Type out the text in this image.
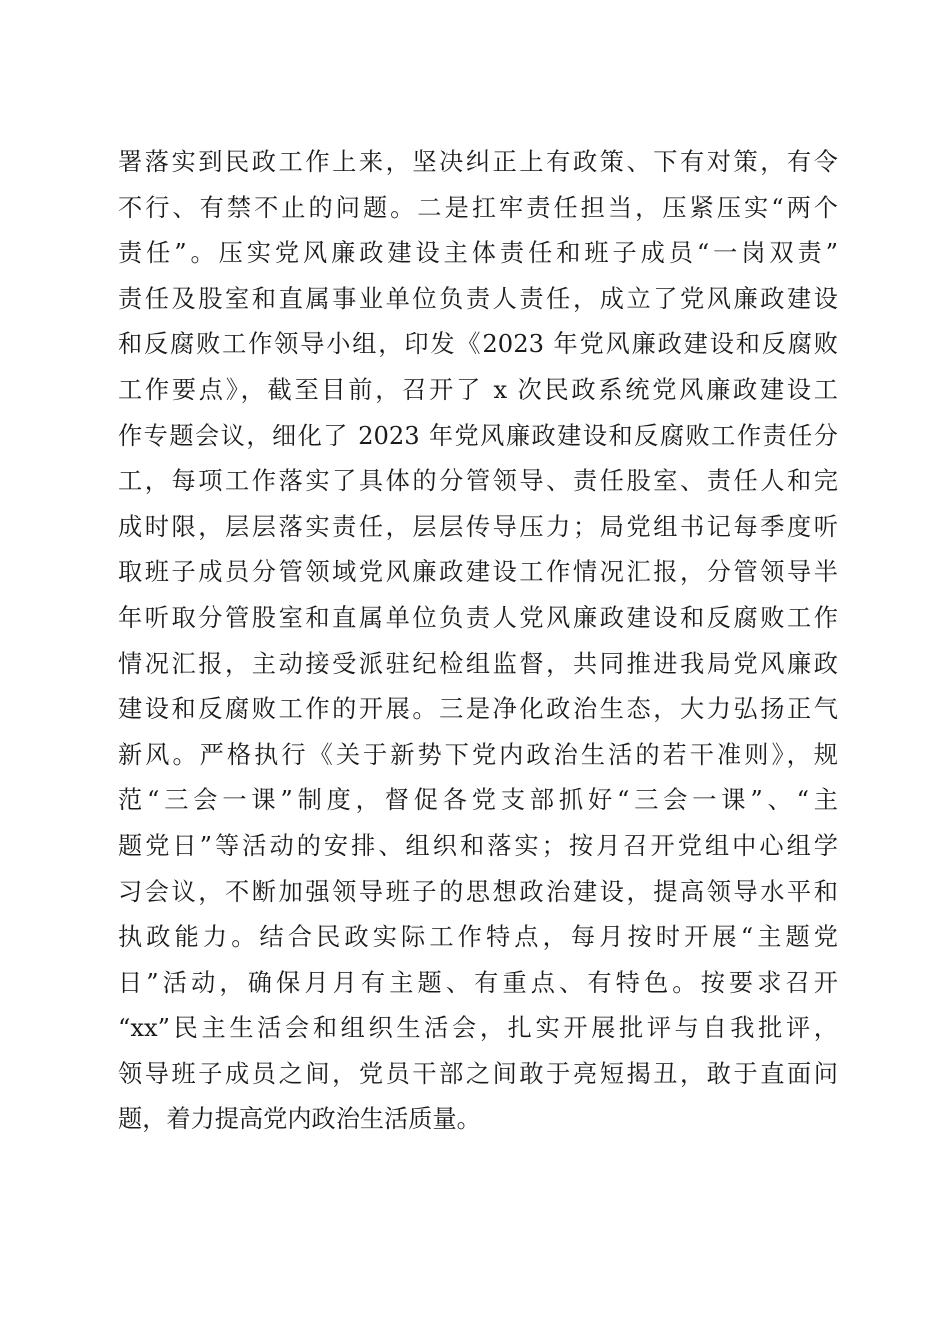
署落实到民政工作上来，坚决纠正上有政策、下有对策，有令
不行、有禁不止的问题。二是扛牢责任担当，压紧压实“两个
责任”。压实党风廉政建设主体责任和班子成员“一岗双责”
责任及股室和直属事业单位负责人责任，成立了党风廉政建设
和反腐败工作领导小组，印发《2023 年党风廉政建设和反腐败
工作要点》，截至目前，召开了 x 次民政系统党风廉政建设工
作专题会议，细化了 2023 年党风廉政建设和反腐败工作责任分
工，每项工作落实了具体的分管领导、责任股室、责任人和完
成时限，层层落实责任，层层传导压力；局党组书记每季度听
取班子成员分管领域党风廉政建设工作情况汇报，分管领导半
年听取分管股室和直属单位负责人党风廉政建设和反腐败工作
情况汇报，主动接受派驻纪检组监督，共同推进我局党风廉政
建设和反腐败工作的开展。三是净化政治生态，大力弘扬正气
新风。严格执行《关于新势下党内政治生活的若干准则》，规
范“三会一课”制度，督促各党支部抓好“三会一课”、“主
题党日”等活动的安排、组织和落实；按月召开党组中心组学
习会议，不断加强领导班子的思想政治建设，提高领导水平和
执政能力。结合民政实际工作特点，每月按时开展“主题党
日”活动，确保月月有主题、有重点、有特色。按要求召开
“xx”民主生活会和组织生活会，扎实开展批评与自我批评，
领导班子成员之间，党员干部之间敢于亮短揭丑，敢于直面问
题，着力提高党内政治生活质量。
